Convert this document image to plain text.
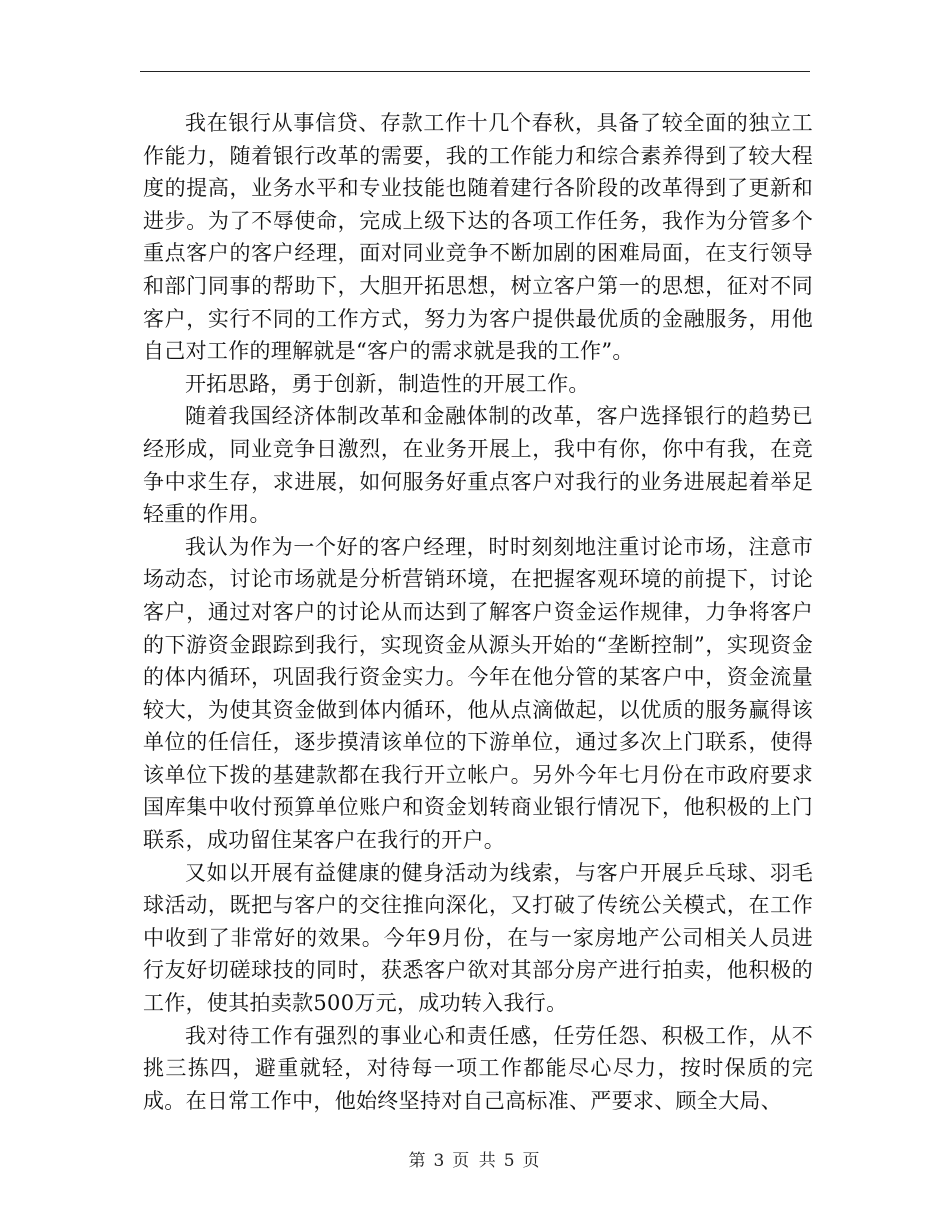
我在银行从事信贷、存款工作十几个春秋，具备了较全面的独立工作能力，随着银行改革的需要，我的工作能力和综合素养得到了较大程度的提高，业务水平和专业技能也随着建行各阶段的改革得到了更新和进步。为了不辱使命，完成上级下达的各项工作任务，我作为分管多个重点客户的客户经理，面对同业竞争不断加剧的困难局面，在支行领导和部门同事的帮助下，大胆开拓思想，树立客户第一的思想，征对不同客户，实行不同的工作方式，努力为客户提供最优质的金融服务，用他自己对工作的理解就是“客户的需求就是我的工作”。

开拓思路，勇于创新，制造性的开展工作。

随着我国经济体制改革和金融体制的改革，客户选择银行的趋势已经形成，同业竞争日激烈，在业务开展上，我中有你，你中有我，在竞争中求生存，求进展，如何服务好重点客户对我行的业务进展起着举足轻重的作用。

我认为作为一个好的客户经理，时时刻刻地注重讨论市场，注意市场动态，讨论市场就是分析营销环境，在把握客观环境的前提下，讨论客户，通过对客户的讨论从而达到了解客户资金运作规律，力争将客户的下游资金跟踪到我行，实现资金从源头开始的“垄断控制”，实现资金的体内循环，巩固我行资金实力。今年在他分管的某客户中，资金流量较大，为使其资金做到体内循环，他从点滴做起，以优质的服务赢得该单位的任信任，逐步摸清该单位的下游单位，通过多次上门联系，使得该单位下拨的基建款都在我行开立帐户。另外今年七月份在市政府要求国库集中收付预算单位账户和资金划转商业银行情况下，他积极的上门联系，成功留住某客户在我行的开户。

又如以开展有益健康的健身活动为线索，与客户开展乒乓球、羽毛球活动，既把与客户的交往推向深化，又打破了传统公关模式，在工作中收到了非常好的效果。今年9月份，在与一家房地产公司相关人员进行友好切磋球技的同时，获悉客户欲对其部分房产进行拍卖，他积极的工作，使其拍卖款500万元，成功转入我行。

我对待工作有强烈的事业心和责任感，任劳任怨、积极工作，从不挑三拣四，避重就轻，对待每一项工作都能尽心尽力，按时保质的完成。在日常工作中，他始终坚持对自己高标准、严要求、顾全大局、

第 3 页 共 5 页
